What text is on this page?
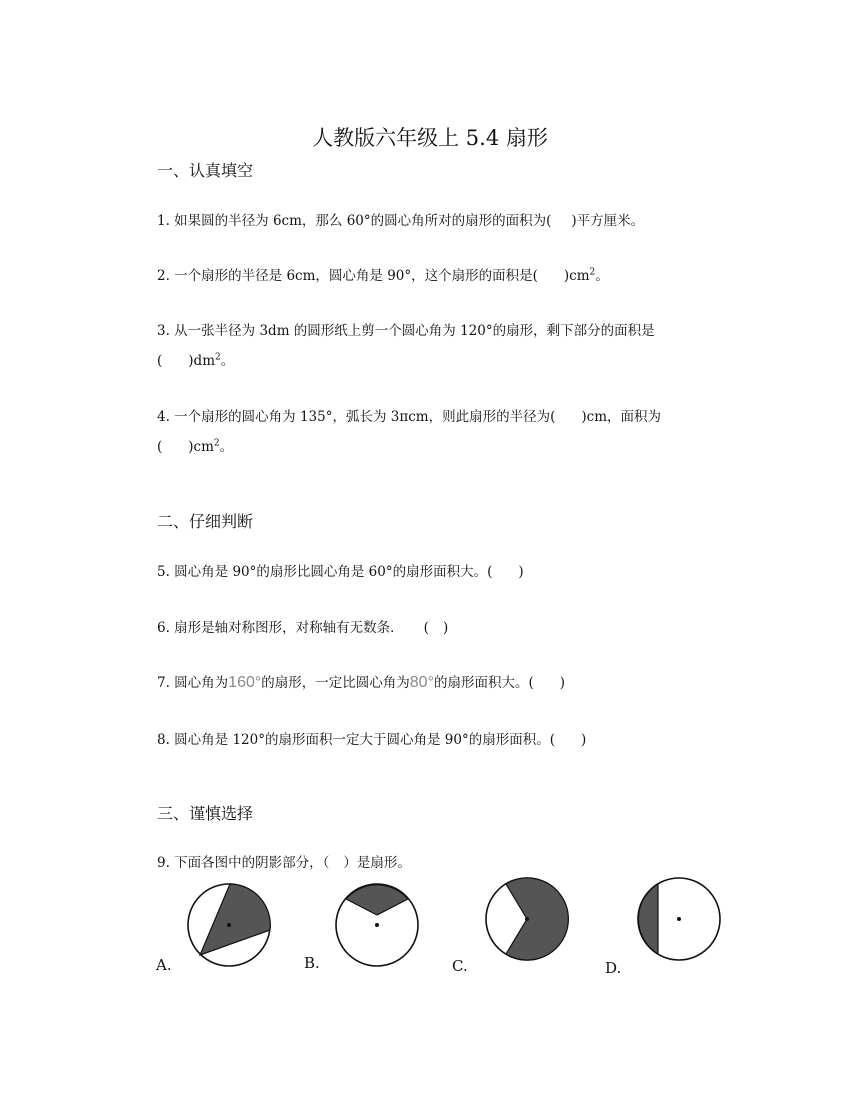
人教版六年级上 5.4 扇形
一、认真填空
1. 如果圆的半径为 6cm，那么 60°的圆心角所对的扇形的面积为( )平方厘米。
2. 一个扇形的半径是 6cm，圆心角是 90°，这个扇形的面积是( )$cm^2$。
3. 从一张半径为 3dm 的圆形纸上剪一个圆心角为 120°的扇形，剩下部分的面积是
( )$dm^2$。
4. 一个扇形的圆心角为 135°，弧长为 3πcm，则此扇形的半径为( )cm，面积为
( )$cm^2$。
二、仔细判断
5. 圆心角是 90°的扇形比圆心角是 60°的扇形面积大。( )
6. 扇形是轴对称图形，对称轴有无数条． ( )
7. 圆心角为160°的扇形，一定比圆心角为80°的扇形面积大。( )
8. 圆心角是 120°的扇形面积一定大于圆心角是 90°的扇形面积。( )
三、谨慎选择
9. 下面各图中的阴影部分，（ ）是扇形。
A.	B.	C.	D.
